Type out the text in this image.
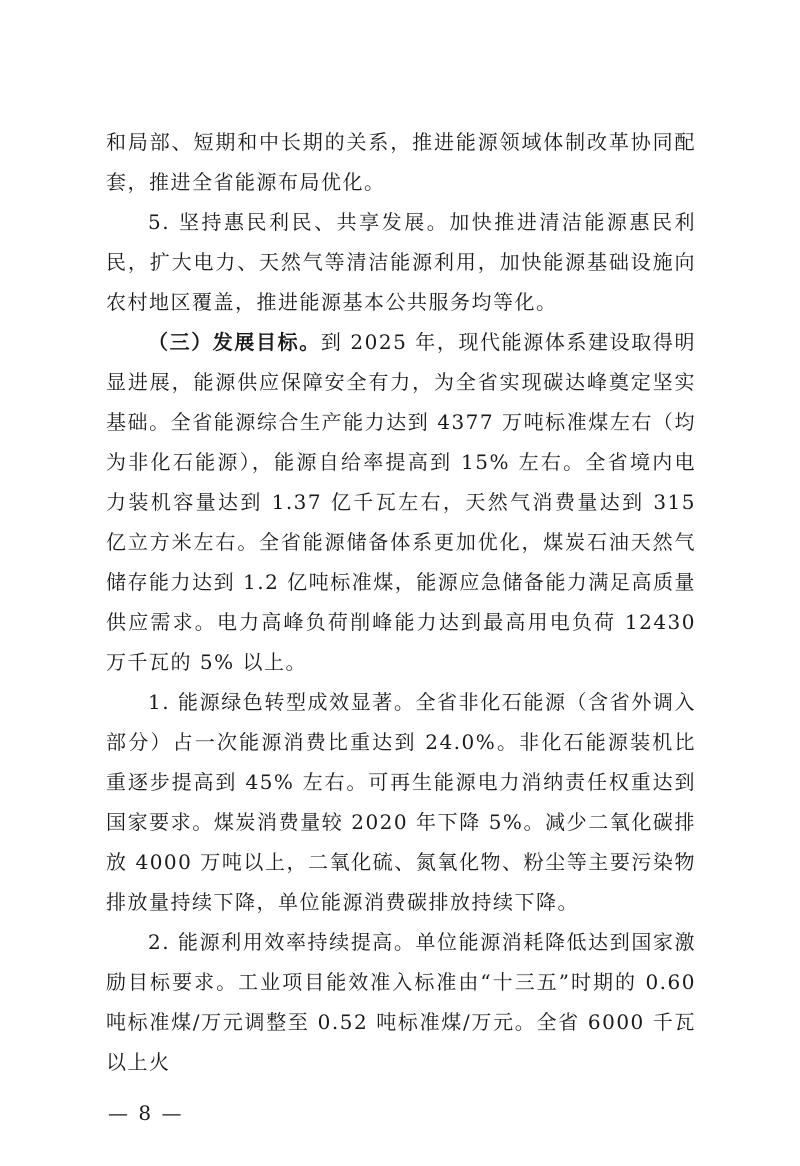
和局部、短期和中长期的关系，推进能源领域体制改革协同配套，推进全省能源布局优化。

5. 坚持惠民利民、共享发展。加快推进清洁能源惠民利民，扩大电力、天然气等清洁能源利用，加快能源基础设施向农村地区覆盖，推进能源基本公共服务均等化。

（三）发展目标。到 2025 年，现代能源体系建设取得明显进展，能源供应保障安全有力，为全省实现碳达峰奠定坚实基础。全省能源综合生产能力达到 4377 万吨标准煤左右（均为非化石能源），能源自给率提高到 15% 左右。全省境内电力装机容量达到 1.37 亿千瓦左右，天然气消费量达到 315 亿立方米左右。全省能源储备体系更加优化，煤炭石油天然气储存能力达到 1.2 亿吨标准煤，能源应急储备能力满足高质量供应需求。电力高峰负荷削峰能力达到最高用电负荷 12430 万千瓦的 5% 以上。

1. 能源绿色转型成效显著。全省非化石能源（含省外调入部分）占一次能源消费比重达到 24.0%。非化石能源装机比重逐步提高到 45% 左右。可再生能源电力消纳责任权重达到国家要求。煤炭消费量较 2020 年下降 5%。减少二氧化碳排放 4000 万吨以上，二氧化硫、氮氧化物、粉尘等主要污染物排放量持续下降，单位能源消费碳排放持续下降。

2. 能源利用效率持续提高。单位能源消耗降低达到国家激励目标要求。工业项目能效准入标准由“十三五”时期的 0.60 吨标准煤/万元调整至 0.52 吨标准煤/万元。全省 6000 千瓦以上火

— 8 —
